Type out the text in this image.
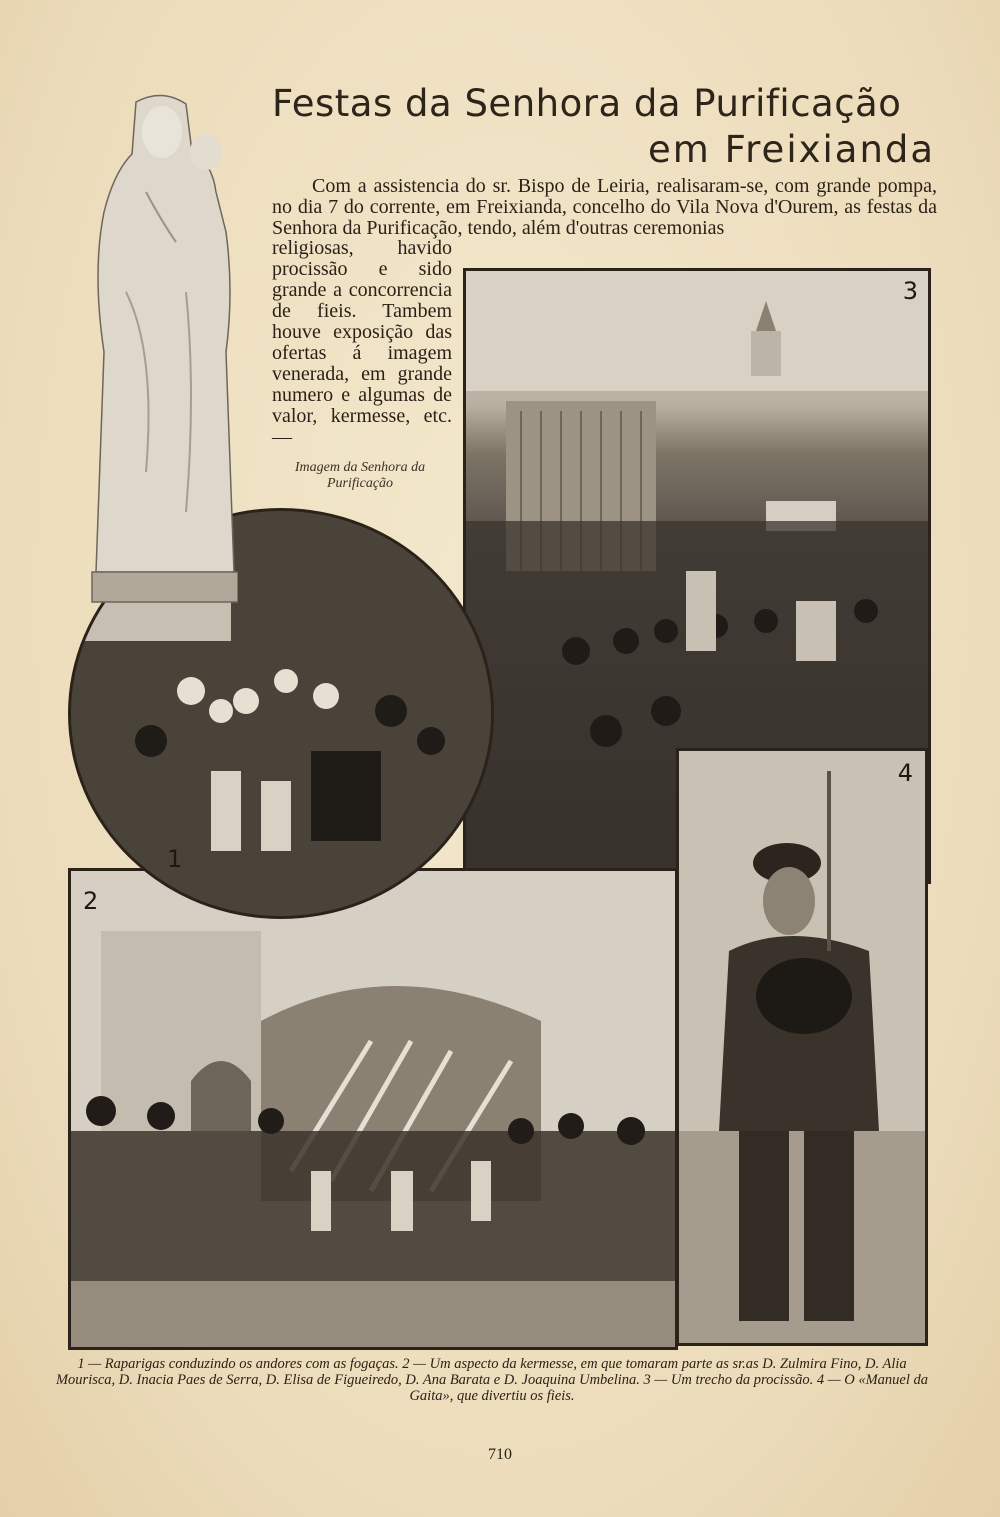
Festas da Senhora da Purificação
em Freixianda
Com a assistencia do sr. Bispo de Leiria, realisaram-se, com grande pompa, no dia 7 do corrente, em Freixianda, concelho do Vila Nova d'Ourem, as festas da Senhora da Purificação, tendo, além d'outras ceremonias
religiosas, havido procissão e sido grande a concorrencia de fieis. Tambem houve exposição das ofertas á imagem venerada, em grande numero e algumas de valor, kermesse, etc. —
Imagem da Senhora da Purificação
3
4
2
1
1 — Raparigas conduzindo os andores com as fogaças. 2 — Um aspecto da kermesse, em que tomaram parte as sr.as D. Zulmira Fino, D. Alia Mourisca, D. Inacia Paes de Serra, D. Elisa de Figueiredo, D. Ana Barata e D. Joaquina Umbelina. 3 — Um trecho da procissão. 4 — O «Manuel da Gaita», que divertiu os fieis.
710
